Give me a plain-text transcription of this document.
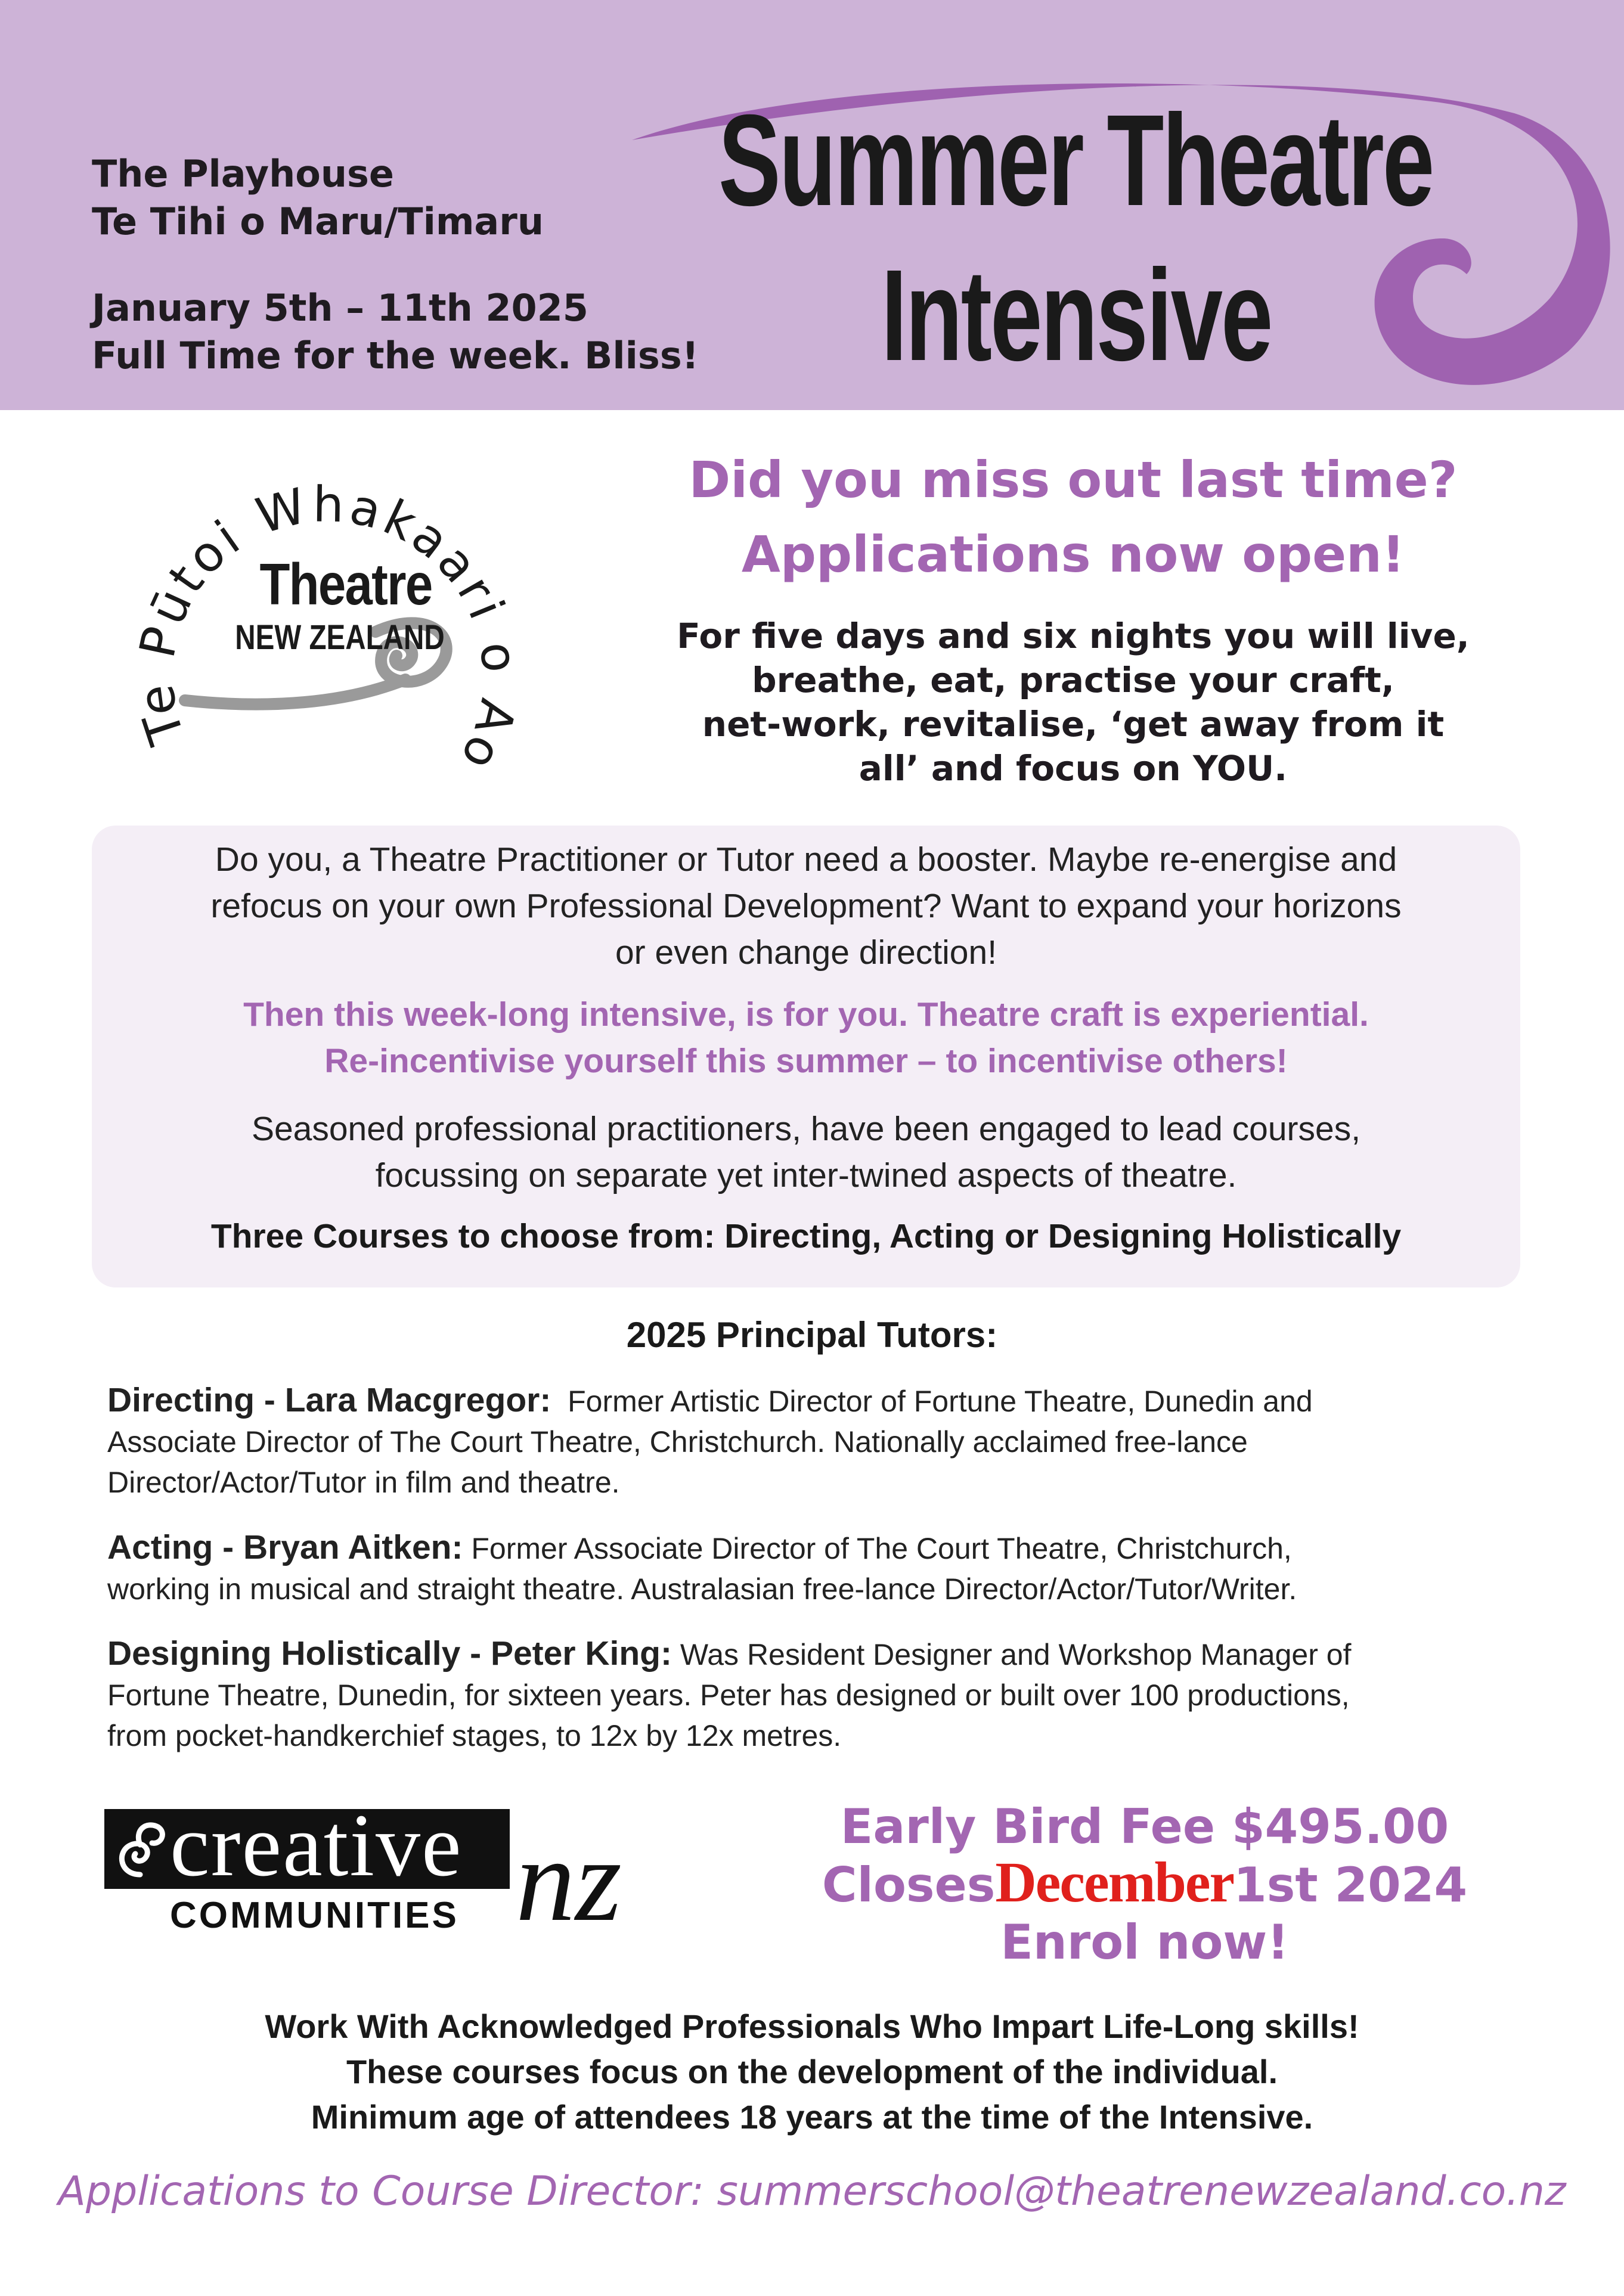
The Playhouse
Te Tihi o Maru/Timaru
January 5th – 11th 2025
Full Time for the week. Bliss!
Summer Theatre
Intensive
Te Pūtoi Whakaari o Ao
Theatre
NEW ZEALAND
Did you miss out last time?
Applications now open!
For five days and six nights you will live,
breathe, eat, practise your craft,
net-work, revitalise, ‘get away from it
all’ and focus on YOU.

Do you, a Theatre Practitioner or Tutor need a booster. Maybe re-energise and
refocus on your own Professional Development? Want to expand your horizons
or even change direction!

Then this week-long intensive, is for you. Theatre craft is experiential.
Re-incentivise yourself this summer – to incentivise others!

Seasoned professional practitioners, have been engaged to lead courses,
focussing on separate yet inter-twined aspects of theatre.

Three Courses to choose from: Directing, Acting or Designing Holistically

2025 Principal Tutors:
Directing - Lara Macgregor: Former Artistic Director of Fortune Theatre, Dunedin and
Associate Director of The Court Theatre, Christchurch. Nationally acclaimed free-lance
Director/Actor/Tutor in film and theatre.
Acting - Bryan Aitken: Former Associate Director of The Court Theatre, Christchurch,
working in musical and straight theatre. Australasian free-lance Director/Actor/Tutor/Writer.
Designing Holistically - Peter King: Was Resident Designer and Workshop Manager of
Fortune Theatre, Dunedin, for sixteen years. Peter has designed or built over 100 productions,
from pocket-handkerchief stages, to 12x by 12x metres.
creative
COMMUNITIES nz	Early Bird Fee $495.00
ClosesDecember1st 2024
Enrol now!
Work With Acknowledged Professionals Who Impart Life-Long skills!
These courses focus on the development of the individual.
Minimum age of attendees 18 years at the time of the Intensive.
Applications to Course Director: summerschool@theatrenewzealand.co.nz
